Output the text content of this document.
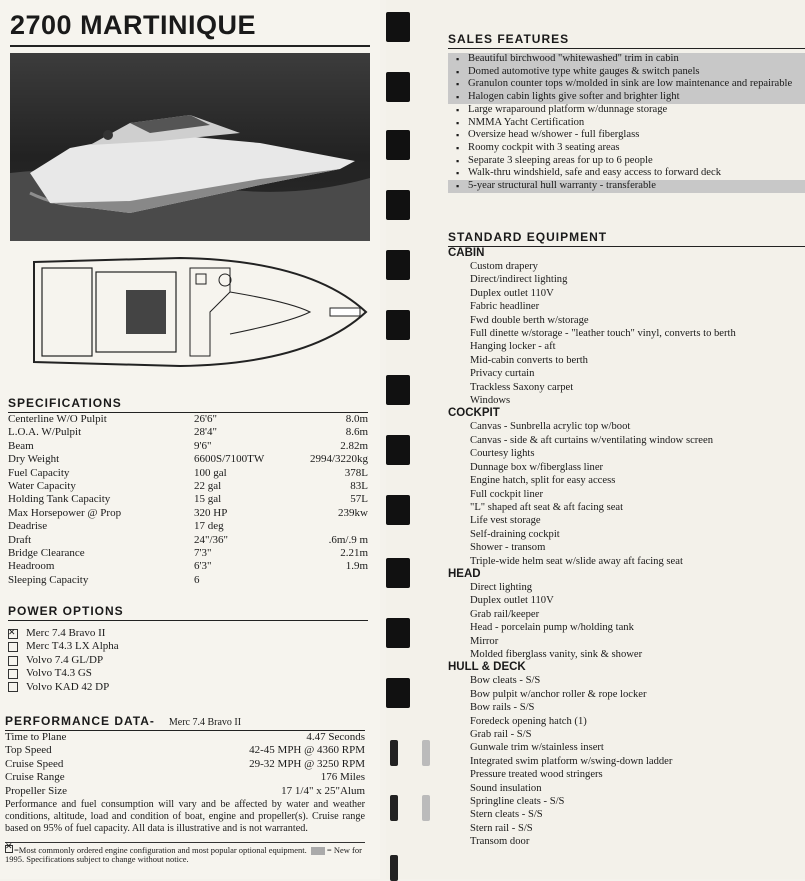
2700 MARTINIQUE
SPECIFICATIONS
Centerline W/O Pulpit	26'6"	8.0m
L.O.A. W/Pulpit	28'4"	8.6m
Beam	9'6"	2.82m
Dry Weight	6600S/7100TW	2994/3220kg
Fuel Capacity	100 gal	378L
Water Capacity	22 gal	83L
Holding Tank Capacity	15 gal	57L
Max Horsepower @ Prop	320 HP	239kw
Deadrise	17 deg
Draft	24"/36"	.6m/.9 m
Bridge Clearance	7'3"	2.21m
Headroom	6'3"	1.9m
Sleeping Capacity	6
POWER OPTIONS
✕
Merc 7.4 Bravo II
Merc T4.3 LX Alpha
Volvo 7.4 GL/DP
Volvo T4.3 GS
Volvo KAD 42 DP
PERFORMANCE DATA- Merc 7.4 Bravo II
Time to Plane	4.47 Seconds
Top Speed	42-45 MPH @ 4360 RPM
Cruise Speed	29-32 MPH @ 3250 RPM
Cruise Range	176 Miles
Propeller Size	17 1/4" x 25"Alum
Performance and fuel consumption will vary and be affected by water and weather conditions, altitude, load and condition of boat, engine and propeller(s). Cruise range based on 95% of fuel capacity. All data is illustrative and is not warranted.
✕=Most commonly ordered engine configuration and most popular optional equipment. = New for 1995. Specifications subject to change without notice.
SALES FEATURES
▪ Beautiful birchwood "whitewashed" trim in cabin
▪ Domed automotive type white gauges & switch panels
▪ Granulon counter tops w/molded in sink are low maintenance and repairable
▪ Halogen cabin lights give softer and brighter light
▪ Large wraparound platform w/dunnage storage
▪ NMMA Yacht Certification
▪ Oversize head w/shower - full fiberglass
▪ Roomy cockpit with 3 seating areas
▪ Separate 3 sleeping areas for up to 6 people
▪ Walk-thru windshield, safe and easy access to forward deck
▪ 5-year structural hull warranty - transferable
STANDARD EQUIPMENT
CABIN
Custom drapery
Direct/indirect lighting
Duplex outlet 110V
Fabric headliner
Fwd double berth w/storage
Full dinette w/storage - "leather touch" vinyl, converts to berth
Hanging locker - aft
Mid-cabin converts to berth
Privacy curtain
Trackless Saxony carpet
Windows
COCKPIT
Canvas - Sunbrella acrylic top w/boot
Canvas - side & aft curtains w/ventilating window screen
Courtesy lights
Dunnage box w/fiberglass liner
Engine hatch, split for easy access
Full cockpit liner
"L" shaped aft seat & aft facing seat
Life vest storage
Self-draining cockpit
Shower - transom
Triple-wide helm seat w/slide away aft facing seat
HEAD
Direct lighting
Duplex outlet 110V
Grab rail/keeper
Head - porcelain pump w/holding tank
Mirror
Molded fiberglass vanity, sink & shower
HULL & DECK
Bow cleats - S/S
Bow pulpit w/anchor roller & rope locker
Bow rails - S/S
Foredeck opening hatch (1)
Grab rail - S/S
Gunwale trim w/stainless insert
Integrated swim platform w/swing-down ladder
Pressure treated wood stringers
Sound insulation
Springline cleats - S/S
Stern cleats - S/S
Stern rail - S/S
Transom door
